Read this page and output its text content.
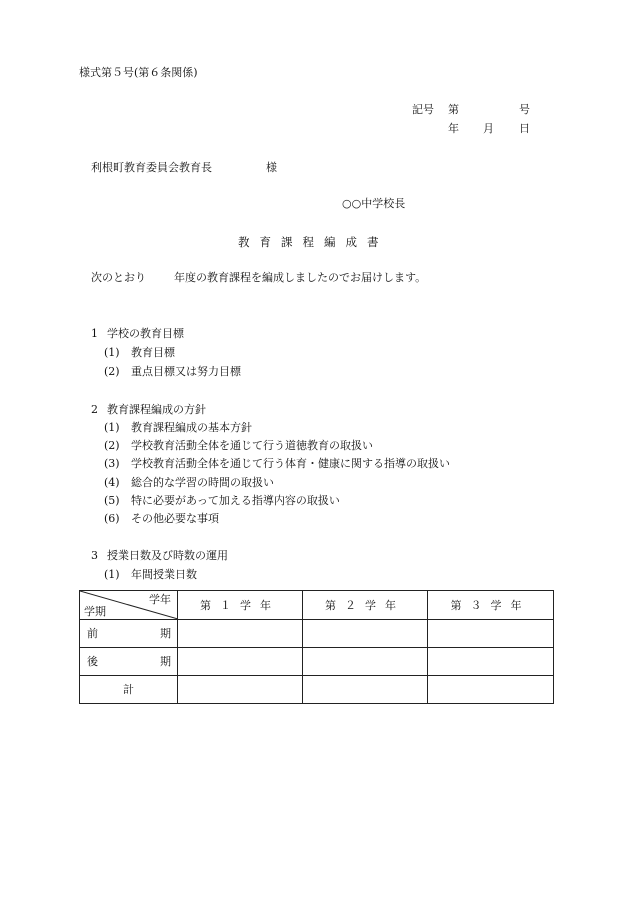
様式第５号(第６条関係)
記号 第	号
年 月 日
利根町教育委員会教育長	様
○○中学校長
教育課程編成書
次のとおり	年度の教育課程を編成しましたのでお届けします。
1 学校の教育目標
(1) 教育目標
(2) 重点目標又は努力目標
2 教育課程編成の方針
(1) 教育課程編成の基本方針
(2) 学校教育活動全体を通じて行う道徳教育の取扱い
(3) 学校教育活動全体を通じて行う体育・健康に関する指導の取扱い
(4) 総合的な学習の時間の取扱い
(5) 特に必要があって加える指導内容の取扱い
(6) その他必要な事項
3 授業日数及び時数の運用
(1) 年間授業日数
学年
学期	第１学年	第２学年	第３学年

前 期			

後 期			

計			
